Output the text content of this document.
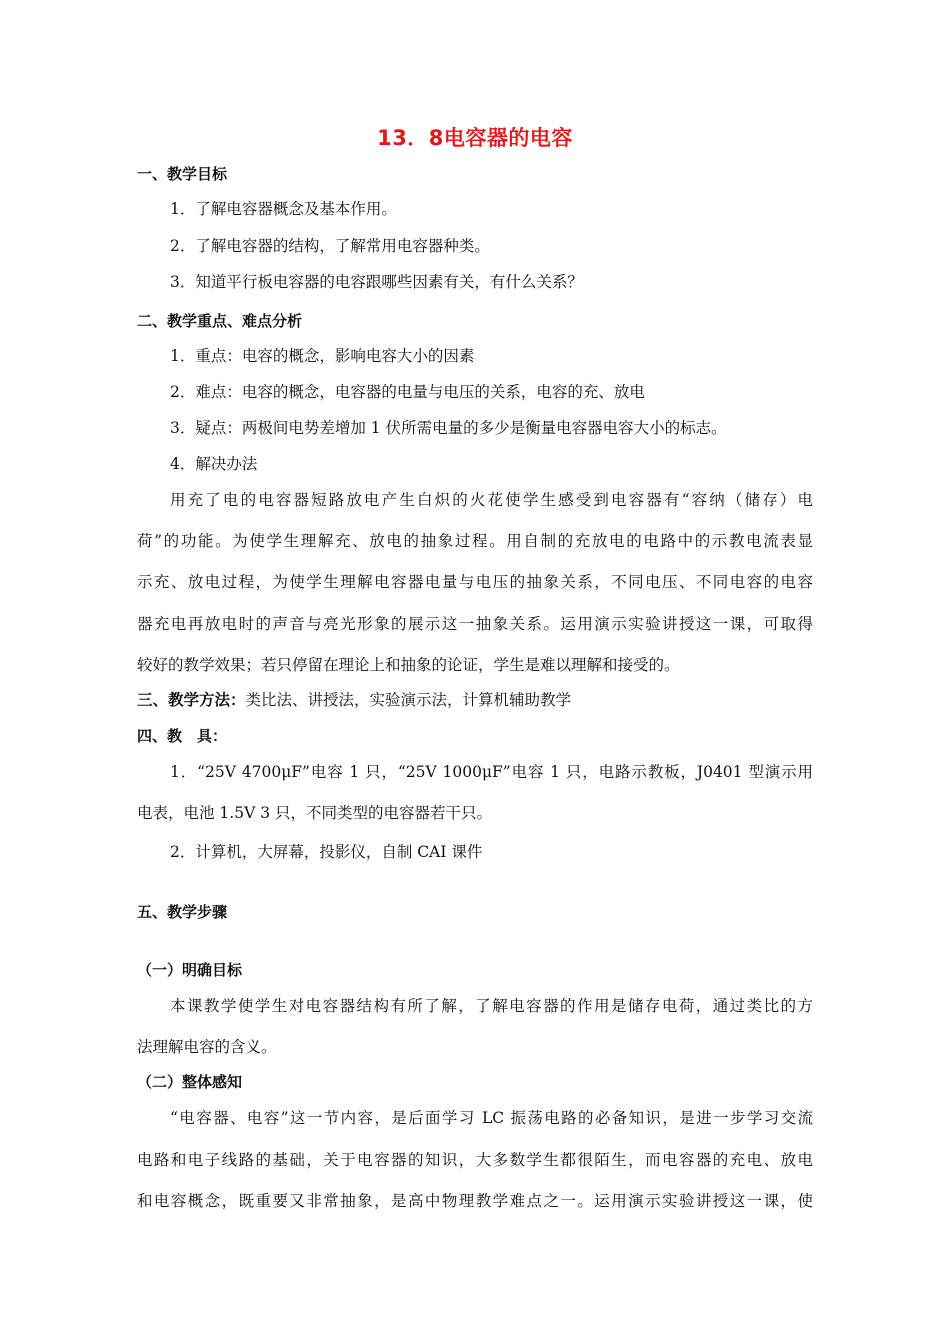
13．8电容器的电容
一、教学目标
1．了解电容器概念及基本作用。
2．了解电容器的结构，了解常用电容器种类。
3．知道平行板电容器的电容跟哪些因素有关，有什么关系？
二、教学重点、难点分析
1．重点：电容的概念，影响电容大小的因素
2．难点：电容的概念，电容器的电量与电压的关系，电容的充、放电
3．疑点：两极间电势差增加 1 伏所需电量的多少是衡量电容器电容大小的标志。
4．解决办法
用充了电的电容器短路放电产生白炽的火花使学生感受到电容器有“容纳（储存）电
荷”的功能。为使学生理解充、放电的抽象过程。用自制的充放电的电路中的示教电流表显
示充、放电过程，为使学生理解电容器电量与电压的抽象关系，不同电压、不同电容的电容
器充电再放电时的声音与亮光形象的展示这一抽象关系。运用演示实验讲授这一课，可取得
较好的教学效果；若只停留在理论上和抽象的论证，学生是难以理解和接受的。
三、教学方法：类比法、讲授法，实验演示法，计算机辅助教学
四、教　具：
1．“25V 4700μF”电容 1 只，“25V 1000μF”电容 1 只，电路示教板，J0401 型演示用
电表，电池 1.5V 3 只，不同类型的电容器若干只。
2．计算机，大屏幕，投影仪，自制 CAI 课件
五、教学步骤
（一）明确目标
本课教学使学生对电容器结构有所了解，了解电容器的作用是储存电荷，通过类比的方
法理解电容的含义。
（二）整体感知
“电容器、电容”这一节内容，是后面学习 LC 振荡电路的必备知识，是进一步学习交流
电路和电子线路的基础，关于电容器的知识，大多数学生都很陌生，而电容器的充电、放电
和电容概念，既重要又非常抽象，是高中物理教学难点之一。运用演示实验讲授这一课，使
